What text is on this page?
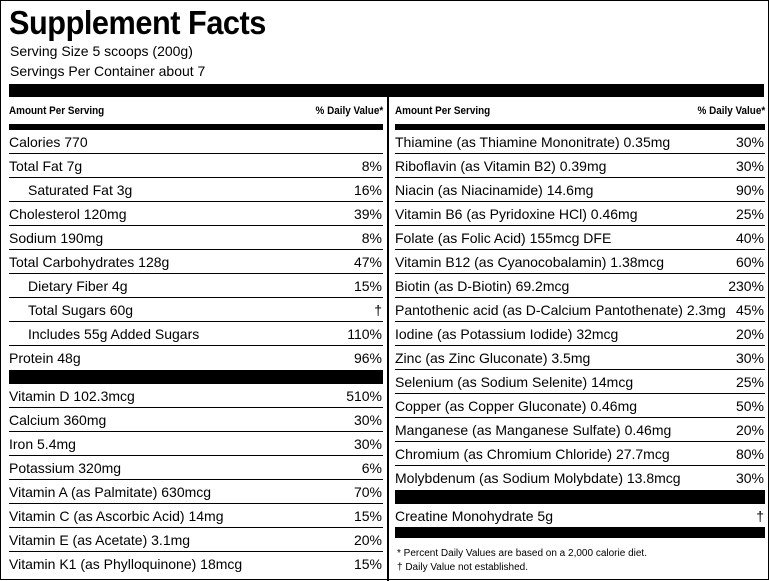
Supplement Facts
Serving Size 5 scoops (200g)
Servings Per Container about 7
Amount Per Serving	% Daily Value*
Calories 770
Total Fat 7g	8%
Saturated Fat 3g	16%
Cholesterol 120mg	39%
Sodium 190mg	8%
Total Carbohydrates 128g	47%
Dietary Fiber 4g	15%
Total Sugars 60g	†
Includes 55g Added Sugars	110%
Protein 48g	96%
Vitamin D 102.3mcg	510%
Calcium 360mg	30%
Iron 5.4mg	30%
Potassium 320mg	6%
Vitamin A (as Palmitate) 630mcg	70%
Vitamin C (as Ascorbic Acid) 14mg	15%
Vitamin E (as Acetate) 3.1mg	20%
Vitamin K1 (as Phylloquinone) 18mcg	15%
Amount Per Serving	% Daily Value*
Thiamine (as Thiamine Mononitrate) 0.35mg	30%
Riboflavin (as Vitamin B2) 0.39mg	30%
Niacin (as Niacinamide) 14.6mg	90%
Vitamin B6 (as Pyridoxine HCl) 0.46mg	25%
Folate (as Folic Acid) 155mcg DFE	40%
Vitamin B12 (as Cyanocobalamin) 1.38mcg	60%
Biotin (as D-Biotin) 69.2mcg	230%
Pantothenic acid (as D-Calcium Pantothenate) 2.3mg 45%
Iodine (as Potassium Iodide) 32mcg	20%
Zinc (as Zinc Gluconate) 3.5mg	30%
Selenium (as Sodium Selenite) 14mcg	25%
Copper (as Copper Gluconate) 0.46mg	50%
Manganese (as Manganese Sulfate) 0.46mg	20%
Chromium (as Chromium Chloride) 27.7mcg	80%
Molybdenum (as Sodium Molybdate) 13.8mcg	30%
Creatine Monohydrate 5g	†
* Percent Daily Values are based on a 2,000 calorie diet.
† Daily Value not established.
